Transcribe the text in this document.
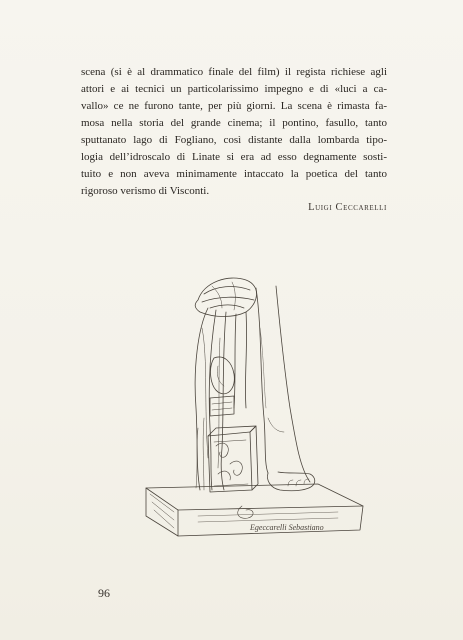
scena (si è al drammatico finale del film) il regista richiese agli
attori e ai tecnici un particolarissimo impegno e di «luci a ca-
vallo» ce ne furono tante, per più giorni. La scena è rimasta fa-
mosa nella storia del grande cinema; il pontino, fasullo, tanto
sputtanato lago di Fogliano, così distante dalla lombarda tipo-
logia dell’idroscalo di Linate si era ad esso degnamente sosti-
tuito e non aveva minimamente intaccato la poetica del tanto
rigoroso verismo di Visconti.
Luigi Ceccarelli
Egeccarelli Sebastiano
96
